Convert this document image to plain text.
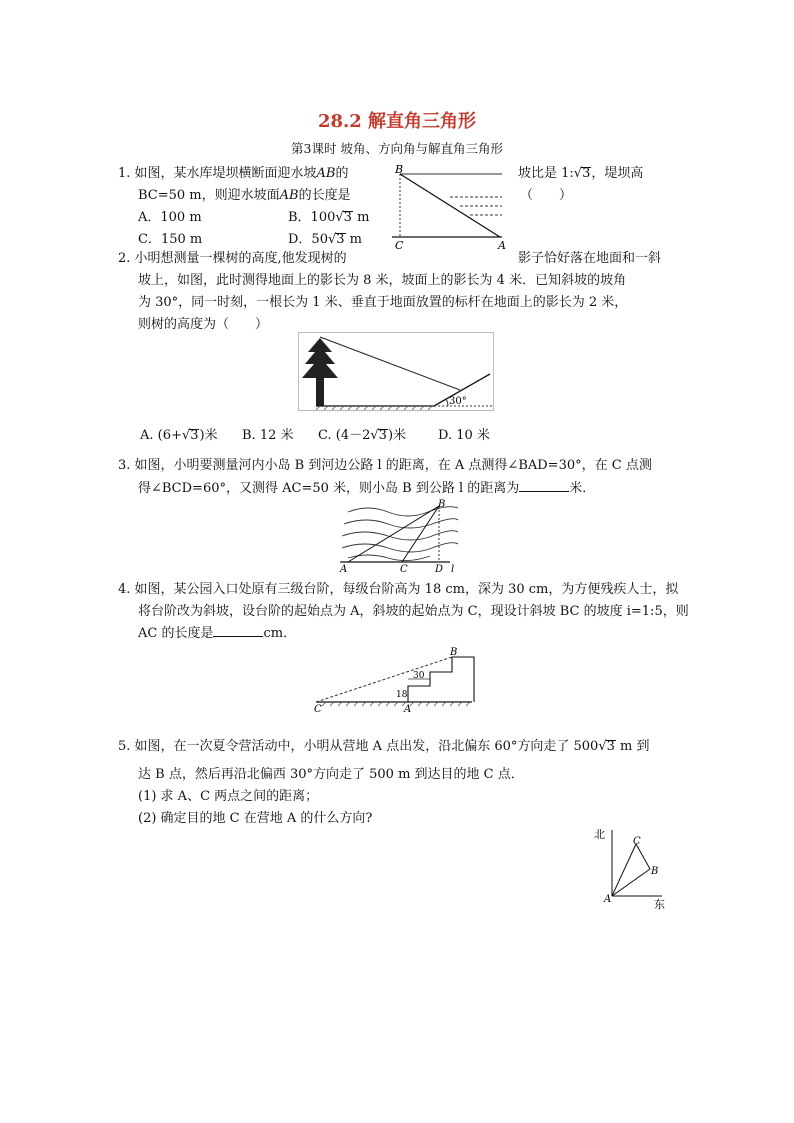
28.2 解直角三角形
第3课时 坡角、方向角与解直角三角形
1. 如图，某水库堤坝横断面迎水坡AB的	坡比是 1:√3，堤坝高
BC=50 m，则迎水坡面AB的长度是	（　　）
A．100 m	B．100√3 m
C．150 m	D．50√3 m
B
C	A
2. 小明想测量一棵树的高度,他发现树的	影子恰好落在地面和一斜
坡上，如图，此时测得地面上的影长为 8 米，坡面上的影长为 4 米．已知斜坡的坡角
为 30°，同一时刻，一根长为 1 米、垂直于地面放置的标杆在地面上的影长为 2 米，
则树的高度为（　　）
30°
A. (6+√3)米 B. 12 米 C. (4－2√3)米 D. 10 米
3. 如图，小明要测量河内小岛 B 到河边公路 l 的距离，在 A 点测得∠BAD=30°，在 C 点测
得∠BCD=60°，又测得 AC=50 米，则小岛 B 到公路 l 的距离为	米．
B
A	C	D l
4. 如图，某公园入口处原有三级台阶，每级台阶高为 18 cm，深为 30 cm，为方便残疾人士，拟
将台阶改为斜坡，设台阶的起始点为 A，斜坡的起始点为 C，现设计斜坡 BC 的坡度 i=1:5，则
AC 的长度是	cm．
30
18
B
C	A
5. 如图，在一次夏令营活动中，小明从营地 A 点出发，沿北偏东 60°方向走了 500√3 m 到
达 B 点，然后再沿北偏西 30°方向走了 500 m 到达目的地 C 点．
(1) 求 A、C 两点之间的距离；
(2) 确定目的地 C 在营地 A 的什么方向?
北
东
A
B
C
